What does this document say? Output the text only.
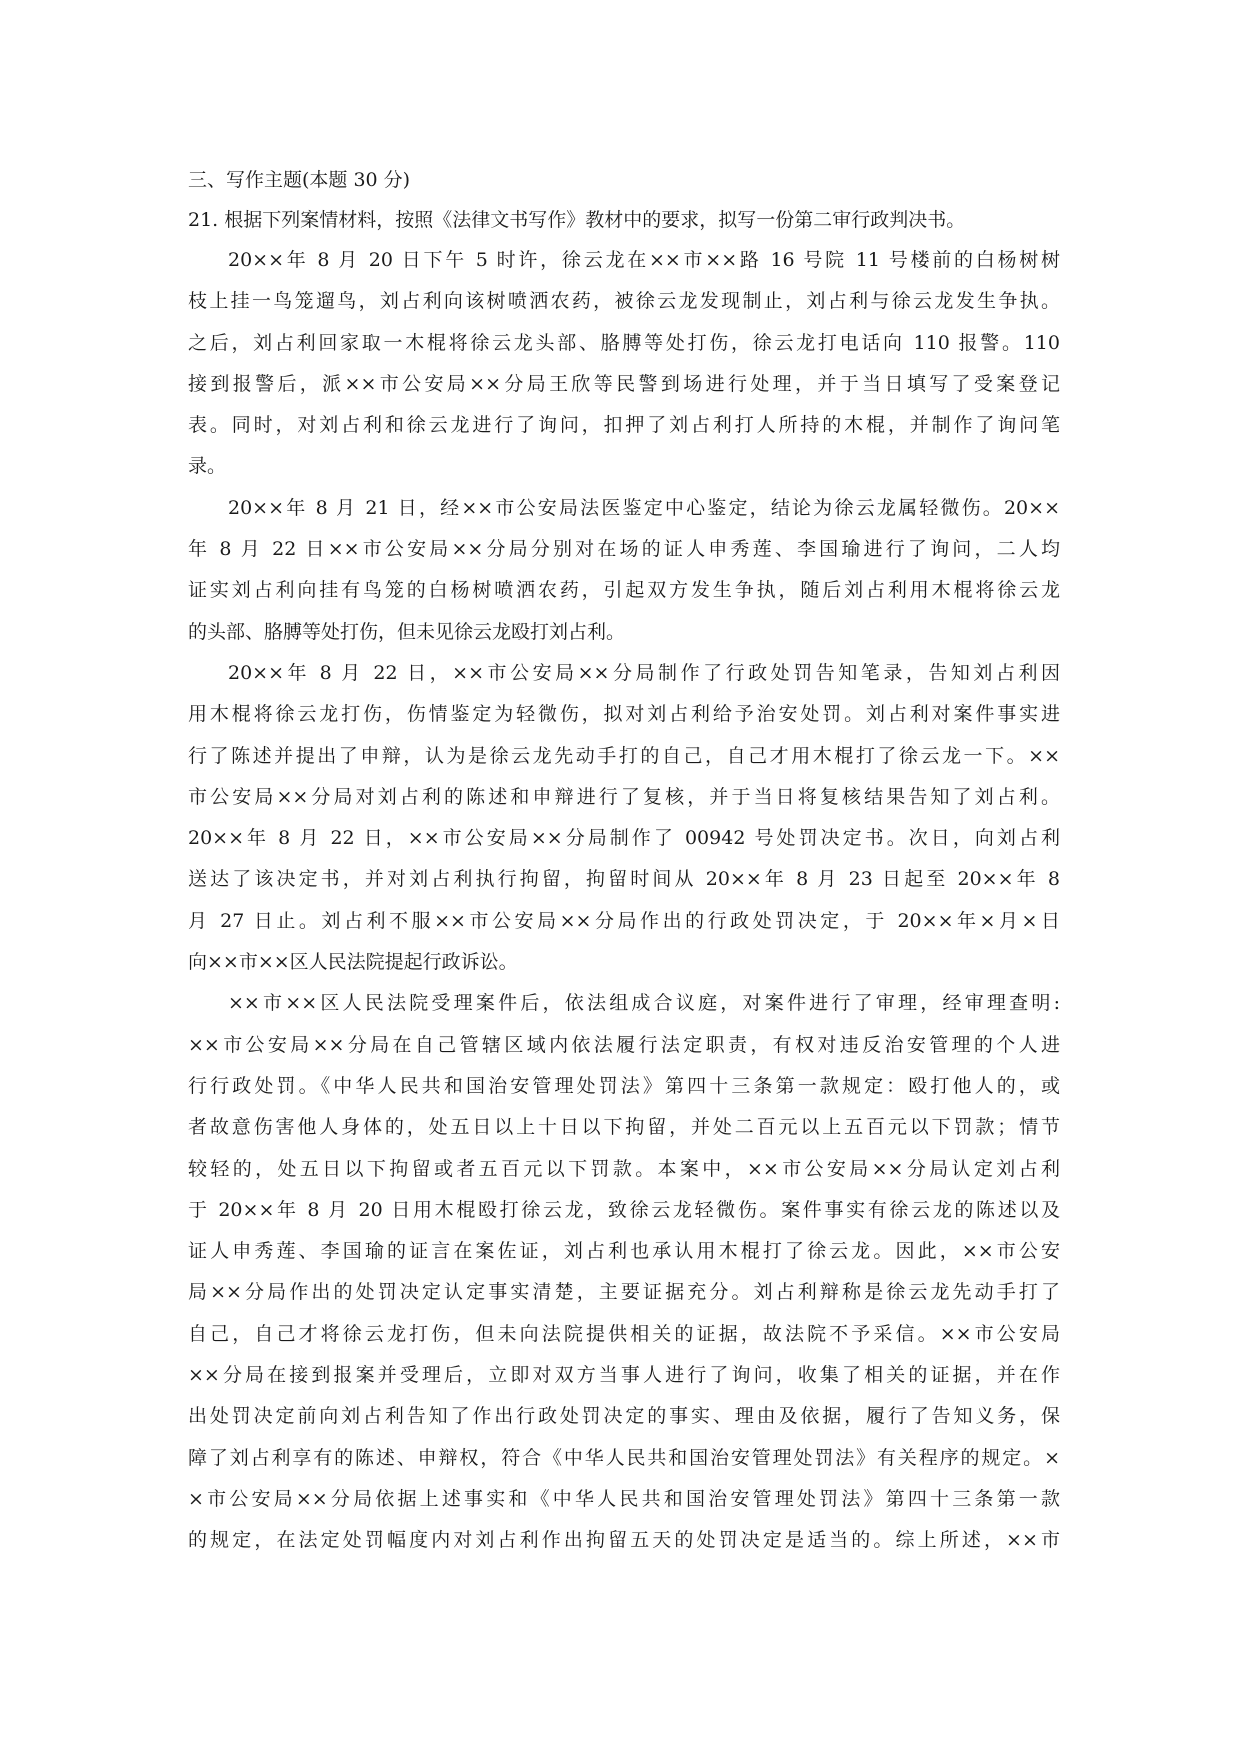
三、写作主题(本题 30 分)
21. 根据下列案情材料，按照《法律文书写作》教材中的要求，拟写一份第二审行政判决书。
20××年 8 月 20 日下午 5 时许，徐云龙在××市××路 16 号院 11 号楼前的白杨树树
枝上挂一鸟笼遛鸟，刘占利向该树喷洒农药，被徐云龙发现制止，刘占利与徐云龙发生争执。
之后，刘占利回家取一木棍将徐云龙头部、胳膊等处打伤，徐云龙打电话向 110 报警。110
接到报警后，派××市公安局××分局王欣等民警到场进行处理，并于当日填写了受案登记
表。同时，对刘占利和徐云龙进行了询问，扣押了刘占利打人所持的木棍，并制作了询问笔
录。
20××年 8 月 21 日，经××市公安局法医鉴定中心鉴定，结论为徐云龙属轻微伤。20××
年 8 月 22 日××市公安局××分局分别对在场的证人申秀莲、李国瑜进行了询问，二人均
证实刘占利向挂有鸟笼的白杨树喷洒农药，引起双方发生争执，随后刘占利用木棍将徐云龙
的头部、胳膊等处打伤，但未见徐云龙殴打刘占利。
20××年 8 月 22 日，××市公安局××分局制作了行政处罚告知笔录，告知刘占利因
用木棍将徐云龙打伤，伤情鉴定为轻微伤，拟对刘占利给予治安处罚。刘占利对案件事实进
行了陈述并提出了申辩，认为是徐云龙先动手打的自己，自己才用木棍打了徐云龙一下。××
市公安局××分局对刘占利的陈述和申辩进行了复核，并于当日将复核结果告知了刘占利。
20××年 8 月 22 日，××市公安局××分局制作了 00942 号处罚决定书。次日，向刘占利
送达了该决定书，并对刘占利执行拘留，拘留时间从 20××年 8 月 23 日起至 20××年 8
月 27 日止。刘占利不服××市公安局××分局作出的行政处罚决定，于 20××年×月×日
向××市××区人民法院提起行政诉讼。
××市××区人民法院受理案件后，依法组成合议庭，对案件进行了审理，经审理查明:
××市公安局××分局在自己管辖区域内依法履行法定职责，有权对违反治安管理的个人进
行行政处罚。《中华人民共和国治安管理处罚法》第四十三条第一款规定：殴打他人的，或
者故意伤害他人身体的，处五日以上十日以下拘留，并处二百元以上五百元以下罚款；情节
较轻的，处五日以下拘留或者五百元以下罚款。本案中，××市公安局××分局认定刘占利
于 20××年 8 月 20 日用木棍殴打徐云龙，致徐云龙轻微伤。案件事实有徐云龙的陈述以及
证人申秀莲、李国瑜的证言在案佐证，刘占利也承认用木棍打了徐云龙。因此，××市公安
局××分局作出的处罚决定认定事实清楚，主要证据充分。刘占利辩称是徐云龙先动手打了
自己，自己才将徐云龙打伤，但未向法院提供相关的证据，故法院不予采信。××市公安局
××分局在接到报案并受理后，立即对双方当事人进行了询问，收集了相关的证据，并在作
出处罚决定前向刘占利告知了作出行政处罚决定的事实、理由及依据，履行了告知义务，保
障了刘占利享有的陈述、申辩权，符合《中华人民共和国治安管理处罚法》有关程序的规定。×
×市公安局××分局依据上述事实和《中华人民共和国治安管理处罚法》第四十三条第一款
的规定，在法定处罚幅度内对刘占利作出拘留五天的处罚决定是适当的。综上所述，××市
